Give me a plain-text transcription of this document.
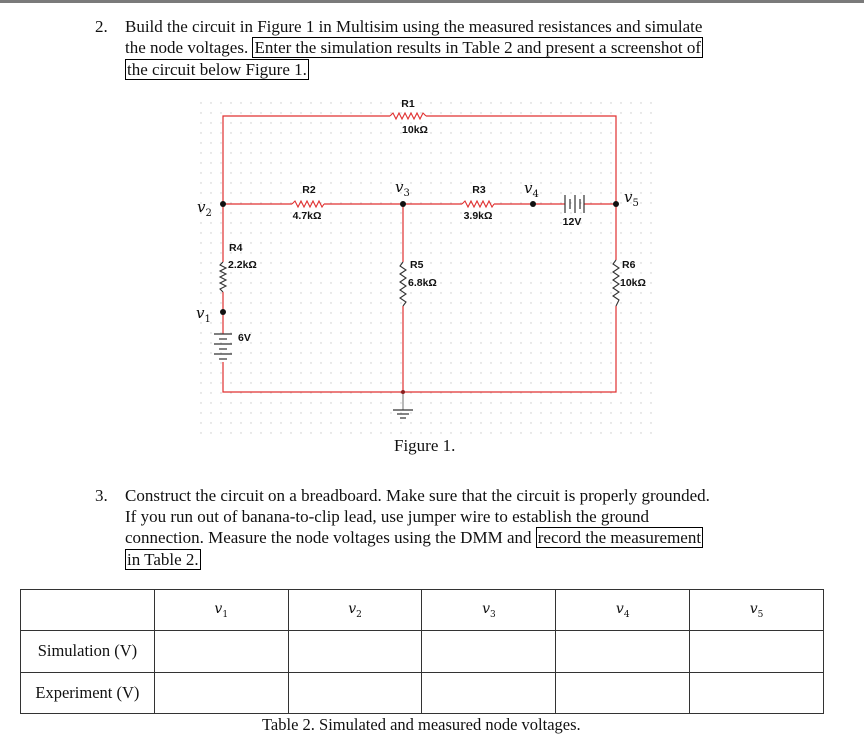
2. Build the circuit in Figure 1 in Multisim using the measured resistances and simulate
the node voltages. Enter the simulation results in Table 2 and present a screenshot of
the circuit below Figure 1.
R1
10kΩ
R2
4.7kΩ
R3
3.9kΩ
R4
2.2kΩ	R5
6.8kΩ
R6
10kΩ
6V
12V
$v_2$
$v_1$
$v_3$	$v_4$	$v_5$
Figure 1.
3. Construct the circuit on a breadboard. Make sure that the circuit is properly grounded.
If you run out of banana-to-clip lead, use jumper wire to establish the ground
connection. Measure the node voltages using the DMM and record the measurement
in Table 2.
	$v_1$	$v_2$	$v_3$	$v_4$	$v_5$
Simulation (V)					
Experiment (V)					
Table 2. Simulated and measured node voltages.
